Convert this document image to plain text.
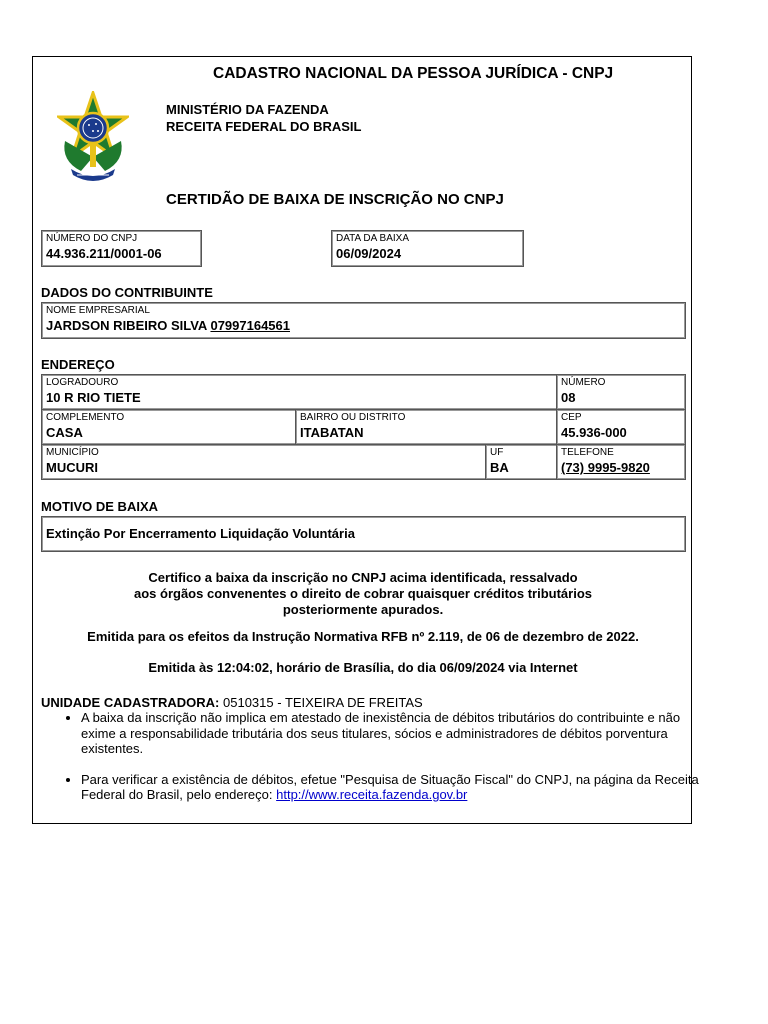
CADASTRO NACIONAL DA PESSOA JURÍDICA - CNPJ
MINISTÉRIO DA FAZENDA
RECEITA FEDERAL DO BRASIL
CERTIDÃO DE BAIXA DE INSCRIÇÃO NO CNPJ
NÚMERO DO CNPJ
44.936.211/0001-06
DATA DA BAIXA
06/09/2024
DADOS DO CONTRIBUINTE
NOME EMPRESARIAL
JARDSON RIBEIRO SILVA 07997164561
ENDEREÇO
LOGRADOURO
10 R RIO TIETE
NÚMERO
08
COMPLEMENTO
CASA
BAIRRO OU DISTRITO
ITABATAN
CEP
45.936-000
MUNICÍPIO
MUCURI
UF
BA
TELEFONE
(73) 9995-9820
MOTIVO DE BAIXA
Extinção Por Encerramento Liquidação Voluntária
Certifico a baixa da inscrição no CNPJ acima identificada, ressalvado
aos órgãos convenentes o direito de cobrar quaisquer créditos tributários
posteriormente apurados.
Emitida para os efeitos da Instrução Normativa RFB nº 2.119, de 06 de dezembro de 2022.
Emitida às 12:04:02, horário de Brasília, do dia 06/09/2024 via Internet
UNIDADE CADASTRADORA: 0510315 - TEIXEIRA DE FREITAS
• A baixa da inscrição não implica em atestado de inexistência de débitos tributários do contribuinte e não exime a responsabilidade tributária dos seus titulares, sócios e administradores de débitos porventura existentes.
• Para verificar a existência de débitos, efetue "Pesquisa de Situação Fiscal" do CNPJ, na página da Receita Federal do Brasil, pelo endereço: http://www.receita.fazenda.gov.br
